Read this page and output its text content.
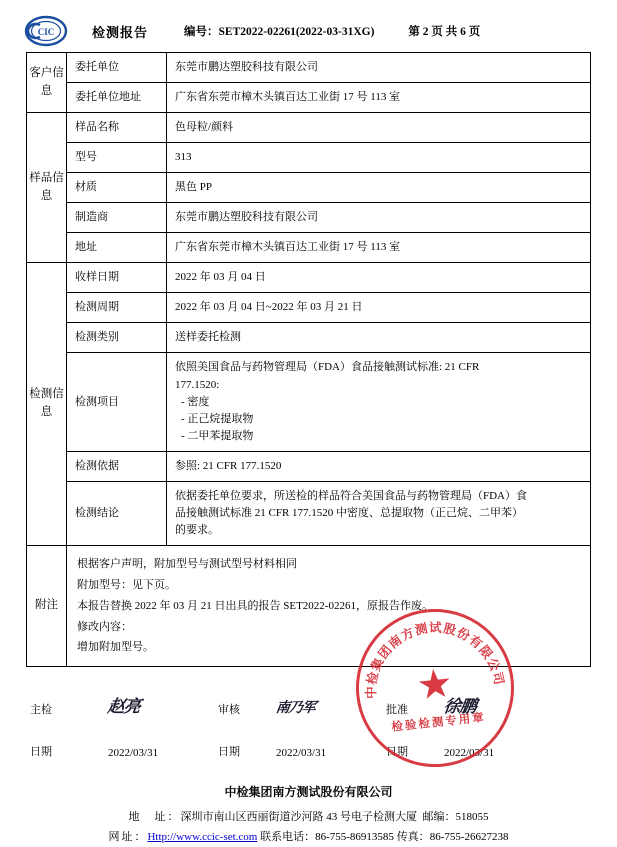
CIC	检测报告	编号：SET2022-02261(2022-03-31XG)	第 2 页 共 6 页
客户信息	委托单位	东莞市鹏达塑胶科技有限公司
	委托单位地址	广东省东莞市樟木头镇百达工业街 17 号 113 室

样品信息	样品名称	色母粒/颜料
	型号	313
	材质	黑色 PP
	制造商	东莞市鹏达塑胶科技有限公司
	地址	广东省东莞市樟木头镇百达工业街 17 号 113 室

检测信息	收样日期	2022 年 03 月 04 日
	检测周期	2022 年 03 月 04 日~2022 年 03 月 21 日
	检测类别	送样委托检测
	检测项目	依照美国食品与药物管理局（FDA）食品接触测试标准: 21 CFR
177.1520:
- 密度
- 正己烷提取物
- 二甲苯提取物

	检测依据	参照: 21 CFR 177.1520
	检测结论	依据委托单位要求，所送检的样品符合美国食品与药物管理局（FDA）食
品接触测试标准 21 CFR 177.1520 中密度、总提取物（正己烷、二甲苯）
的要求。

附注	根据客户声明，附加型号与测试型号材料相同
附加型号：见下页。
本报告替换 2022 年 03 月 21 日出具的报告 SET2022-02261，原报告作废。
修改内容：
增加附加型号。	
中检集团南方测试股份有限公司
★
检验检测专用章
主检	赵亮	审核	南乃军	批准	徐鹏
日期	2022/03/31	日期	2022/03/31	日期	2022/03/31
中检集团南方测试股份有限公司
地　址：深圳市南山区西丽街道沙河路 43 号电子检测大厦 邮编：518055
网址：Http://www.ccic-set.com 联系电话：86-755-86913585 传真：86-755-26627238
